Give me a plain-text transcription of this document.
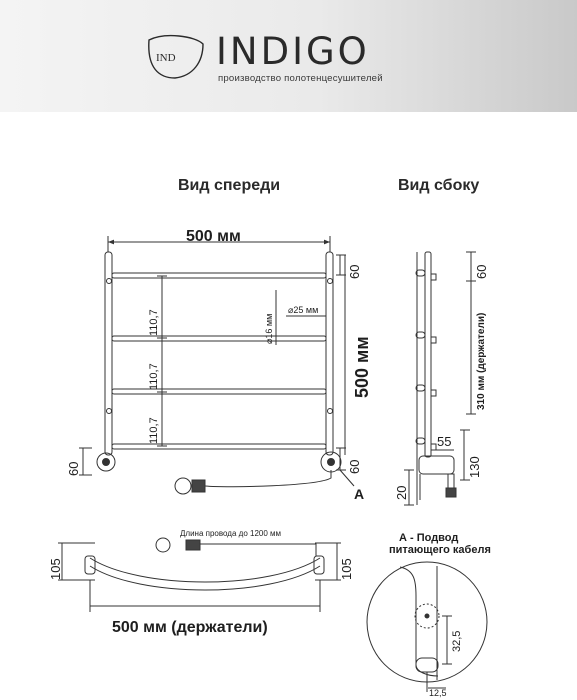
IND INDIGO
производство полотенцесушителей
Вид спереди	Вид сбоку
500 мм
110,7
110,7
110,7
⌀16 мм
⌀25 мм
60
500 мм
60
60
A
60
310 мм (держатели)
55
130
20
Длина провода до 1200 мм
105	105
500 мм (держатели)
А - Подвод
питающего кабеля
32,5
12,5
